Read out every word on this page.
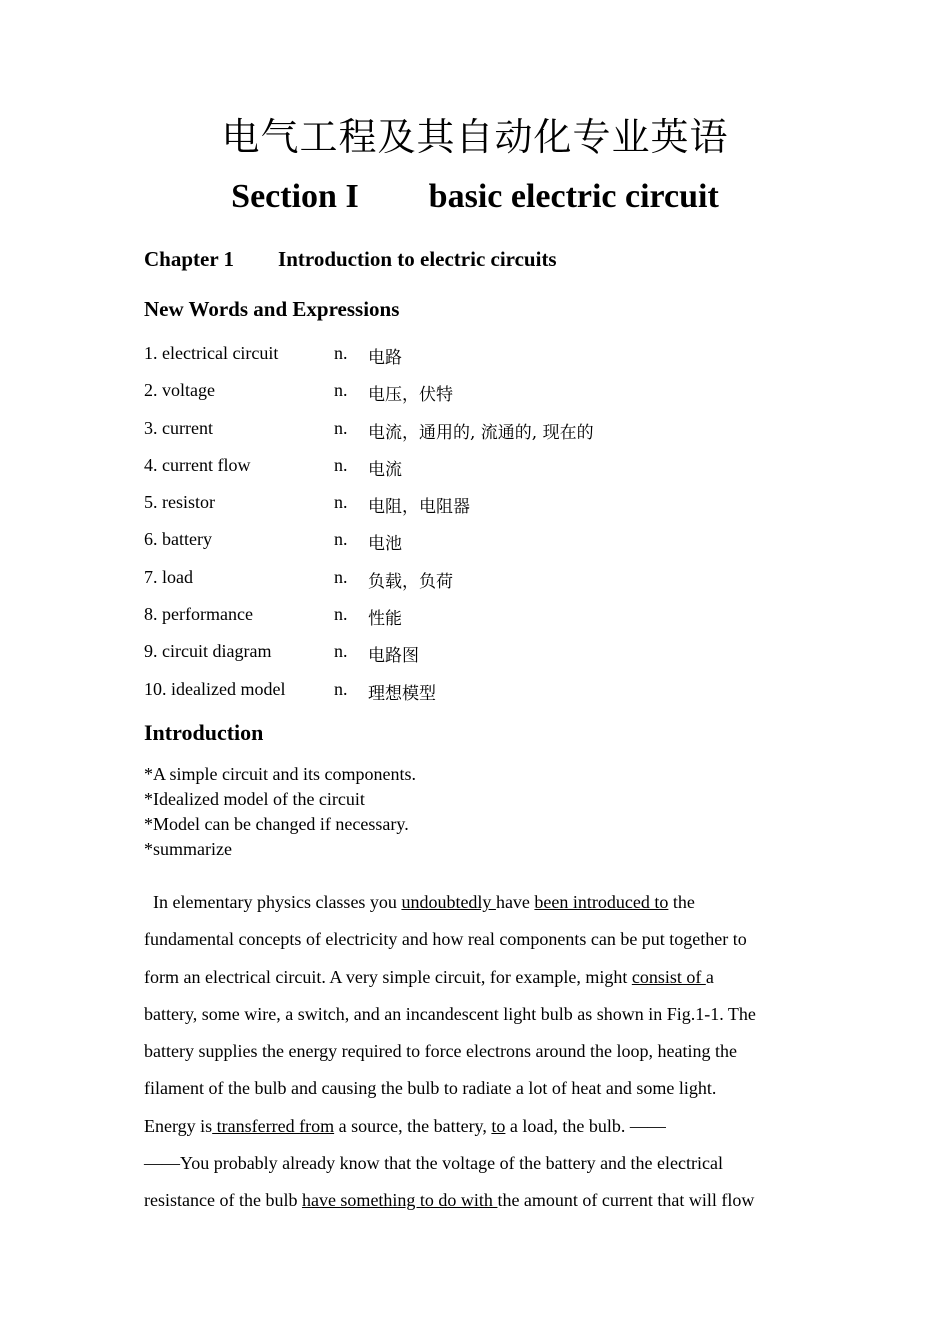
电气工程及其自动化专业英语
Section I basic electric circuit
Chapter 1 Introduction to electric circuits
New Words and Expressions
1. electrical circuit	n. 电路
2. voltage	n. 电压，伏特
3. current	n. 电流，通用的, 流通的, 现在的
4. current flow	n. 电流
5. resistor	n. 电阻，电阻器
6. battery	n. 电池
7. load	n. 负载，负荷
8. performance	n. 性能
9. circuit diagram	n. 电路图
10. idealized model	n. 理想模型
Introduction
*A simple circuit and its components.
*Idealized model of the circuit
*Model can be changed if necessary.
*summarize
In elementary physics classes you undoubtedly have been introduced to the
fundamental concepts of electricity and how real components can be put together to
form an electrical circuit. A very simple circuit, for example, might consist of a
battery, some wire, a switch, and an incandescent light bulb as shown in Fig.1-1. The
battery supplies the energy required to force electrons around the loop, heating the
filament of the bulb and causing the bulb to radiate a lot of heat and some light.
Energy is transferred from a source, the battery, to a load, the bulb. ——
——You probably already know that the voltage of the battery and the electrical
resistance of the bulb have something to do with the amount of current that will flow
